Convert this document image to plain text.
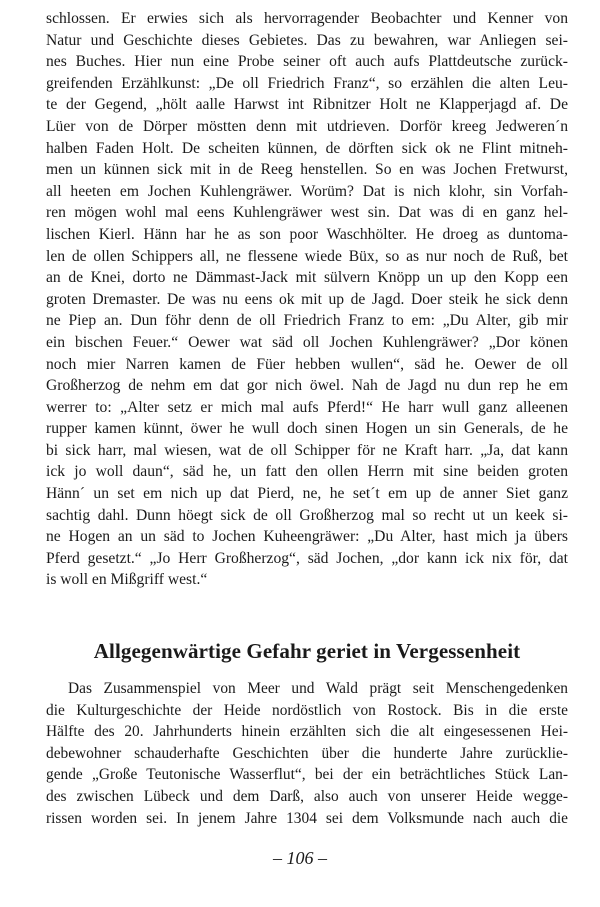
schlossen. Er erwies sich als hervorragender Beobachter und Kenner von
Natur und Geschichte dieses Gebietes. Das zu bewahren, war Anliegen sei-
nes Buches. Hier nun eine Probe seiner oft auch aufs Plattdeutsche zurück-
greifenden Erzählkunst: „De oll Friedrich Franz“, so erzählen die alten Leu-
te der Gegend, „hölt aalle Harwst int Ribnitzer Holt ne Klapperjagd af. De
Lüer von de Dörper möstten denn mit utdrieven. Dorför kreeg Jedweren´n
halben Faden Holt. De scheiten künnen, de dörften sick ok ne Flint mitneh-
men un künnen sick mit in de Reeg henstellen. So en was Jochen Fretwurst,
all heeten em Jochen Kuhlengräwer. Worüm? Dat is nich klohr, sin Vorfah-
ren mögen wohl mal eens Kuhlengräwer west sin. Dat was di en ganz hel-
lischen Kierl. Hänn har he as son poor Waschhölter. He droeg as duntoma-
len de ollen Schippers all, ne flessene wiede Büx, so as nur noch de Ruß, bet
an de Knei, dorto ne Dämmast-Jack mit sülvern Knöpp un up den Kopp een
groten Dremaster. De was nu eens ok mit up de Jagd. Doer steik he sick denn
ne Piep an. Dun föhr denn de oll Friedrich Franz to em: „Du Alter, gib mir
ein bischen Feuer.“ Oewer wat säd oll Jochen Kuhlengräwer? „Dor könen
noch mier Narren kamen de Füer hebben wullen“, säd he. Oewer de oll
Großherzog de nehm em dat gor nich öwel. Nah de Jagd nu dun rep he em
werrer to: „Alter setz er mich mal aufs Pferd!“ He harr wull ganz alleenen
rupper kamen künnt, öwer he wull doch sinen Hogen un sin Generals, de he
bi sick harr, mal wiesen, wat de oll Schipper för ne Kraft harr. „Ja, dat kann
ick jo woll daun“, säd he, un fatt den ollen Herrn mit sine beiden groten
Hänn´ un set em nich up dat Pierd, ne, he set´t em up de anner Siet ganz
sachtig dahl. Dunn höegt sick de oll Großherzog mal so recht ut un keek si-
ne Hogen an un säd to Jochen Kuheengräwer: „Du Alter, hast mich ja übers
Pferd gesetzt.“ „Jo Herr Großherzog“, säd Jochen, „dor kann ick nix för, dat
is woll en Mißgriff west.“
Allgegenwärtige Gefahr geriet in Vergessenheit
Das Zusammenspiel von Meer und Wald prägt seit Menschengedenken
die Kulturgeschichte der Heide nordöstlich von Rostock. Bis in die erste
Hälfte des 20. Jahrhunderts hinein erzählten sich die alt eingesessenen Hei-
debewohner schauderhafte Geschichten über die hunderte Jahre zurücklie-
gende „Große Teutonische Wasserflut“, bei der ein beträchtliches Stück Lan-
des zwischen Lübeck und dem Darß, also auch von unserer Heide wegge-
rissen worden sei. In jenem Jahre 1304 sei dem Volksmunde nach auch die
– 106 –
